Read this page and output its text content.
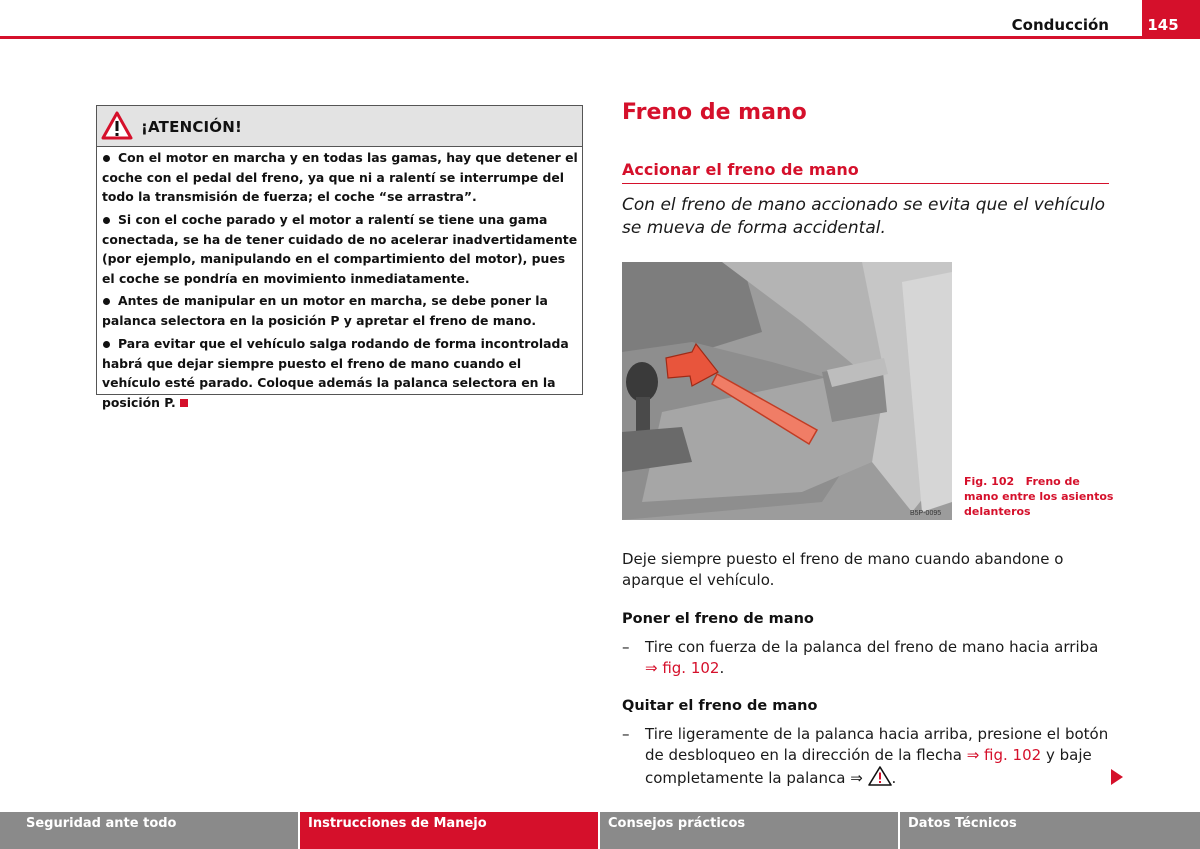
Conducción	145
¡ATENCIÓN!
Con el motor en marcha y en todas las gamas, hay que detener el coche con el pedal del freno, ya que ni a ralentí se interrumpe del todo la transmisión de fuerza; el coche “se arrastra”.
Si con el coche parado y el motor a ralentí se tiene una gama conectada, se ha de tener cuidado de no acelerar inadvertidamente (por ejemplo, manipulando en el compartimiento del motor), pues el coche se pondría en movimiento inmediatamente.
Antes de manipular en un motor en marcha, se debe poner la palanca selectora en la posición P y apretar el freno de mano.
Para evitar que el vehículo salga rodando de forma incontrolada habrá que dejar siempre puesto el freno de mano cuando el vehículo esté parado. Coloque además la palanca selectora en la posición P.
Freno de mano
Accionar el freno de mano
Con el freno de mano accionado se evita que el vehículo se mueva de forma accidental.
B5P-0095
Fig. 102 Freno de mano entre los asientos delanteros
Deje siempre puesto el freno de mano cuando abandone o aparque el vehículo.
Poner el freno de mano
– Tire con fuerza de la palanca del freno de mano hacia arriba
⇒ fig. 102.
Quitar el freno de mano
– Tire ligeramente de la palanca hacia arriba, presione el botón de desbloqueo en la dirección de la flecha ⇒ fig. 102 y baje completamente la palanca ⇒ .
Seguridad ante todo	Instrucciones de Manejo	Consejos prácticos	Datos Técnicos
